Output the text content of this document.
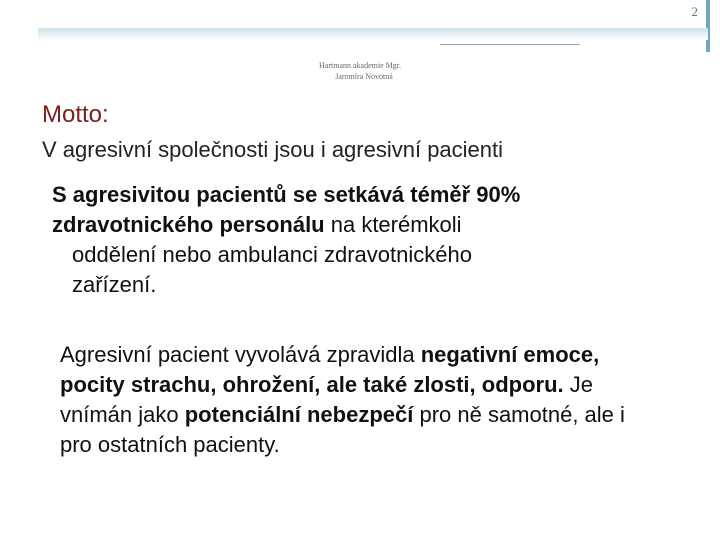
2
Hartmann akademie Mgr.
Jaromíra Novotná
Motto:
V agresivní společnosti jsou i agresivní pacienti
S agresivitou pacientů se setkává téměř 90%
zdravotnického personálu na kterémkoli
oddělení nebo ambulanci zdravotnického
zařízení.
Agresivní pacient vyvolává zpravidla negativní emoce, pocity strachu, ohrožení, ale také zlosti, odporu. Je vnímán jako potenciální nebezpečí pro ně samotné, ale i pro ostatních pacienty.
